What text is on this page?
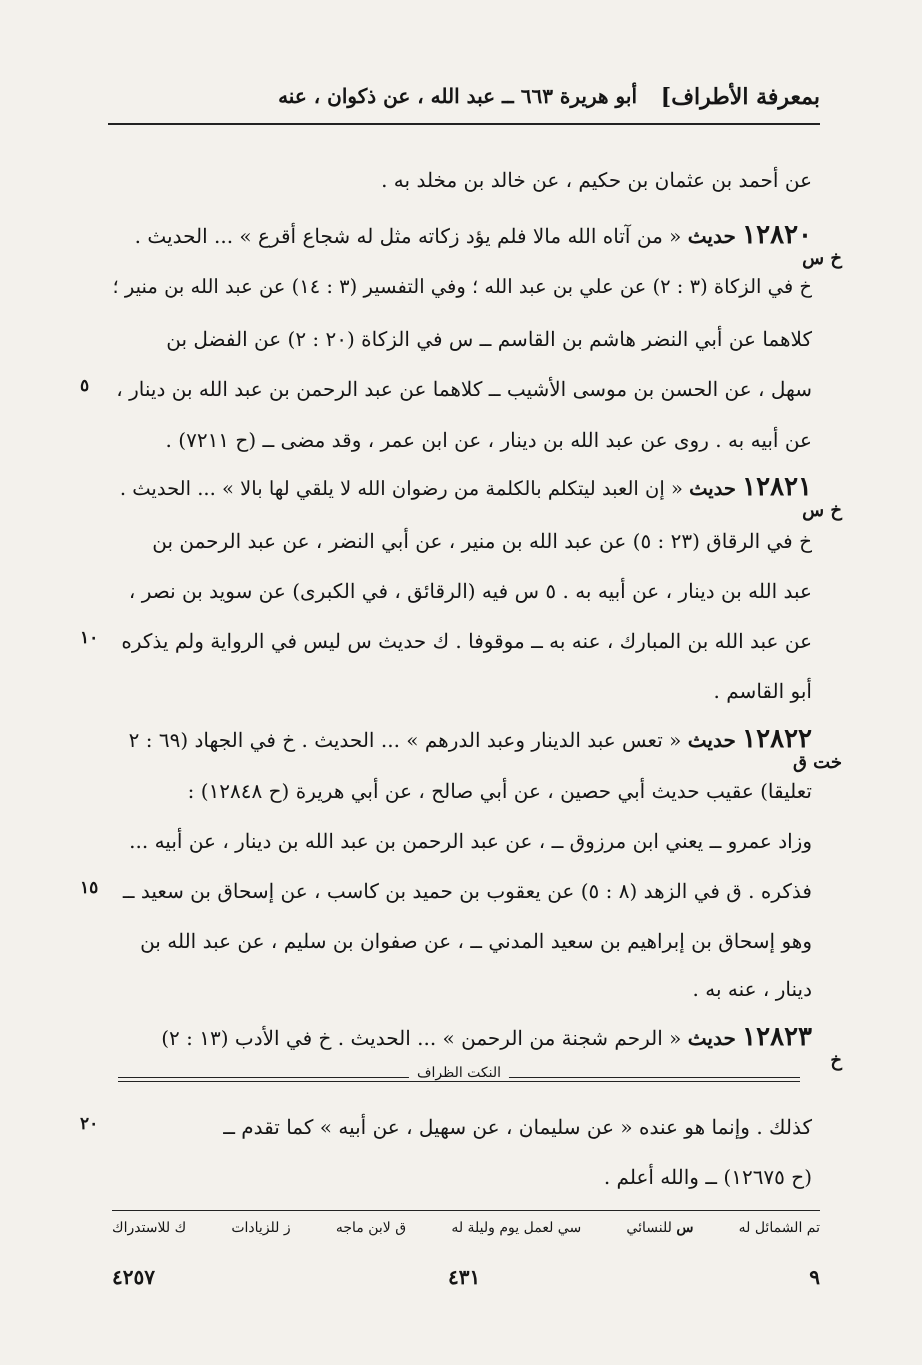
بمعرفة الأطراف]
أبو هريرة ٦٦٣ ــ عبد الله ، عن ذكوان ، عنه
عن أحمد بن عثمان بن حكيم ، عن خالد بن مخلد به .
١٢٨٢٠ حديث « من آتاه الله مالا فلم يؤد زكاته مثل له شجاع أقرع » ... الحديث .
خ في الزكاة (٣ : ٢) عن علي بن عبد الله ؛ وفي التفسير (٣ : ١٤) عن عبد الله بن منير ؛
كلاهما عن أبي النضر هاشم بن القاسم ــ س في الزكاة (٢٠ : ٢) عن الفضل بن
سهل ، عن الحسن بن موسى الأشيب ــ كلاهما عن عبد الرحمن بن عبد الله بن دينار ،
عن أبيه به . روى عن عبد الله بن دينار ، عن ابن عمر ، وقد مضى ــ (ح ٧٢١١) .
١٢٨٢١ حديث « إن العبد ليتكلم بالكلمة من رضوان الله لا يلقي لها بالا » ... الحديث .
خ في الرقاق (٢٣ : ٥) عن عبد الله بن منير ، عن أبي النضر ، عن عبد الرحمن بن
عبد الله بن دينار ، عن أبيه به . ٥ س فيه (الرقائق ، في الكبرى) عن سويد بن نصر ،
عن عبد الله بن المبارك ، عنه به ــ موقوفا . ك حديث س ليس في الرواية ولم يذكره
أبو القاسم .
١٢٨٢٢ حديث « تعس عبد الدينار وعبد الدرهم » ... الحديث . خ في الجهاد (٦٩ : ٢
تعليقا) عقيب حديث أبي حصين ، عن أبي صالح ، عن أبي هريرة (ح ١٢٨٤٨) :
وزاد عمرو ــ يعني ابن مرزوق ــ ، عن عبد الرحمن بن عبد الله بن دينار ، عن أبيه ...
فذكره . ق في الزهد (٨ : ٥) عن يعقوب بن حميد بن كاسب ، عن إسحاق بن سعيد ــ
وهو إسحاق بن إبراهيم بن سعيد المدني ــ ، عن صفوان بن سليم ، عن عبد الله بن
دينار ، عنه به .
١٢٨٢٣ حديث « الرحم شجنة من الرحمن » ... الحديث . خ في الأدب (١٣ : ٢)
كذلك . وإنما هو عنده « عن سليمان ، عن سهيل ، عن أبيه » كما تقدم ــ
(ح ١٢٦٧٥) ــ والله أعلم .
خ س
خ س
خت ق
خ
٥
١٠
١٥
٢٠
النكت الظراف
تم الشمائل له
س للنسائي
سي لعمل يوم وليلة له
ق لابن ماجه
ز للزيادات
ك للاستدراك
٤٢٥٧	٤٣١	٩
